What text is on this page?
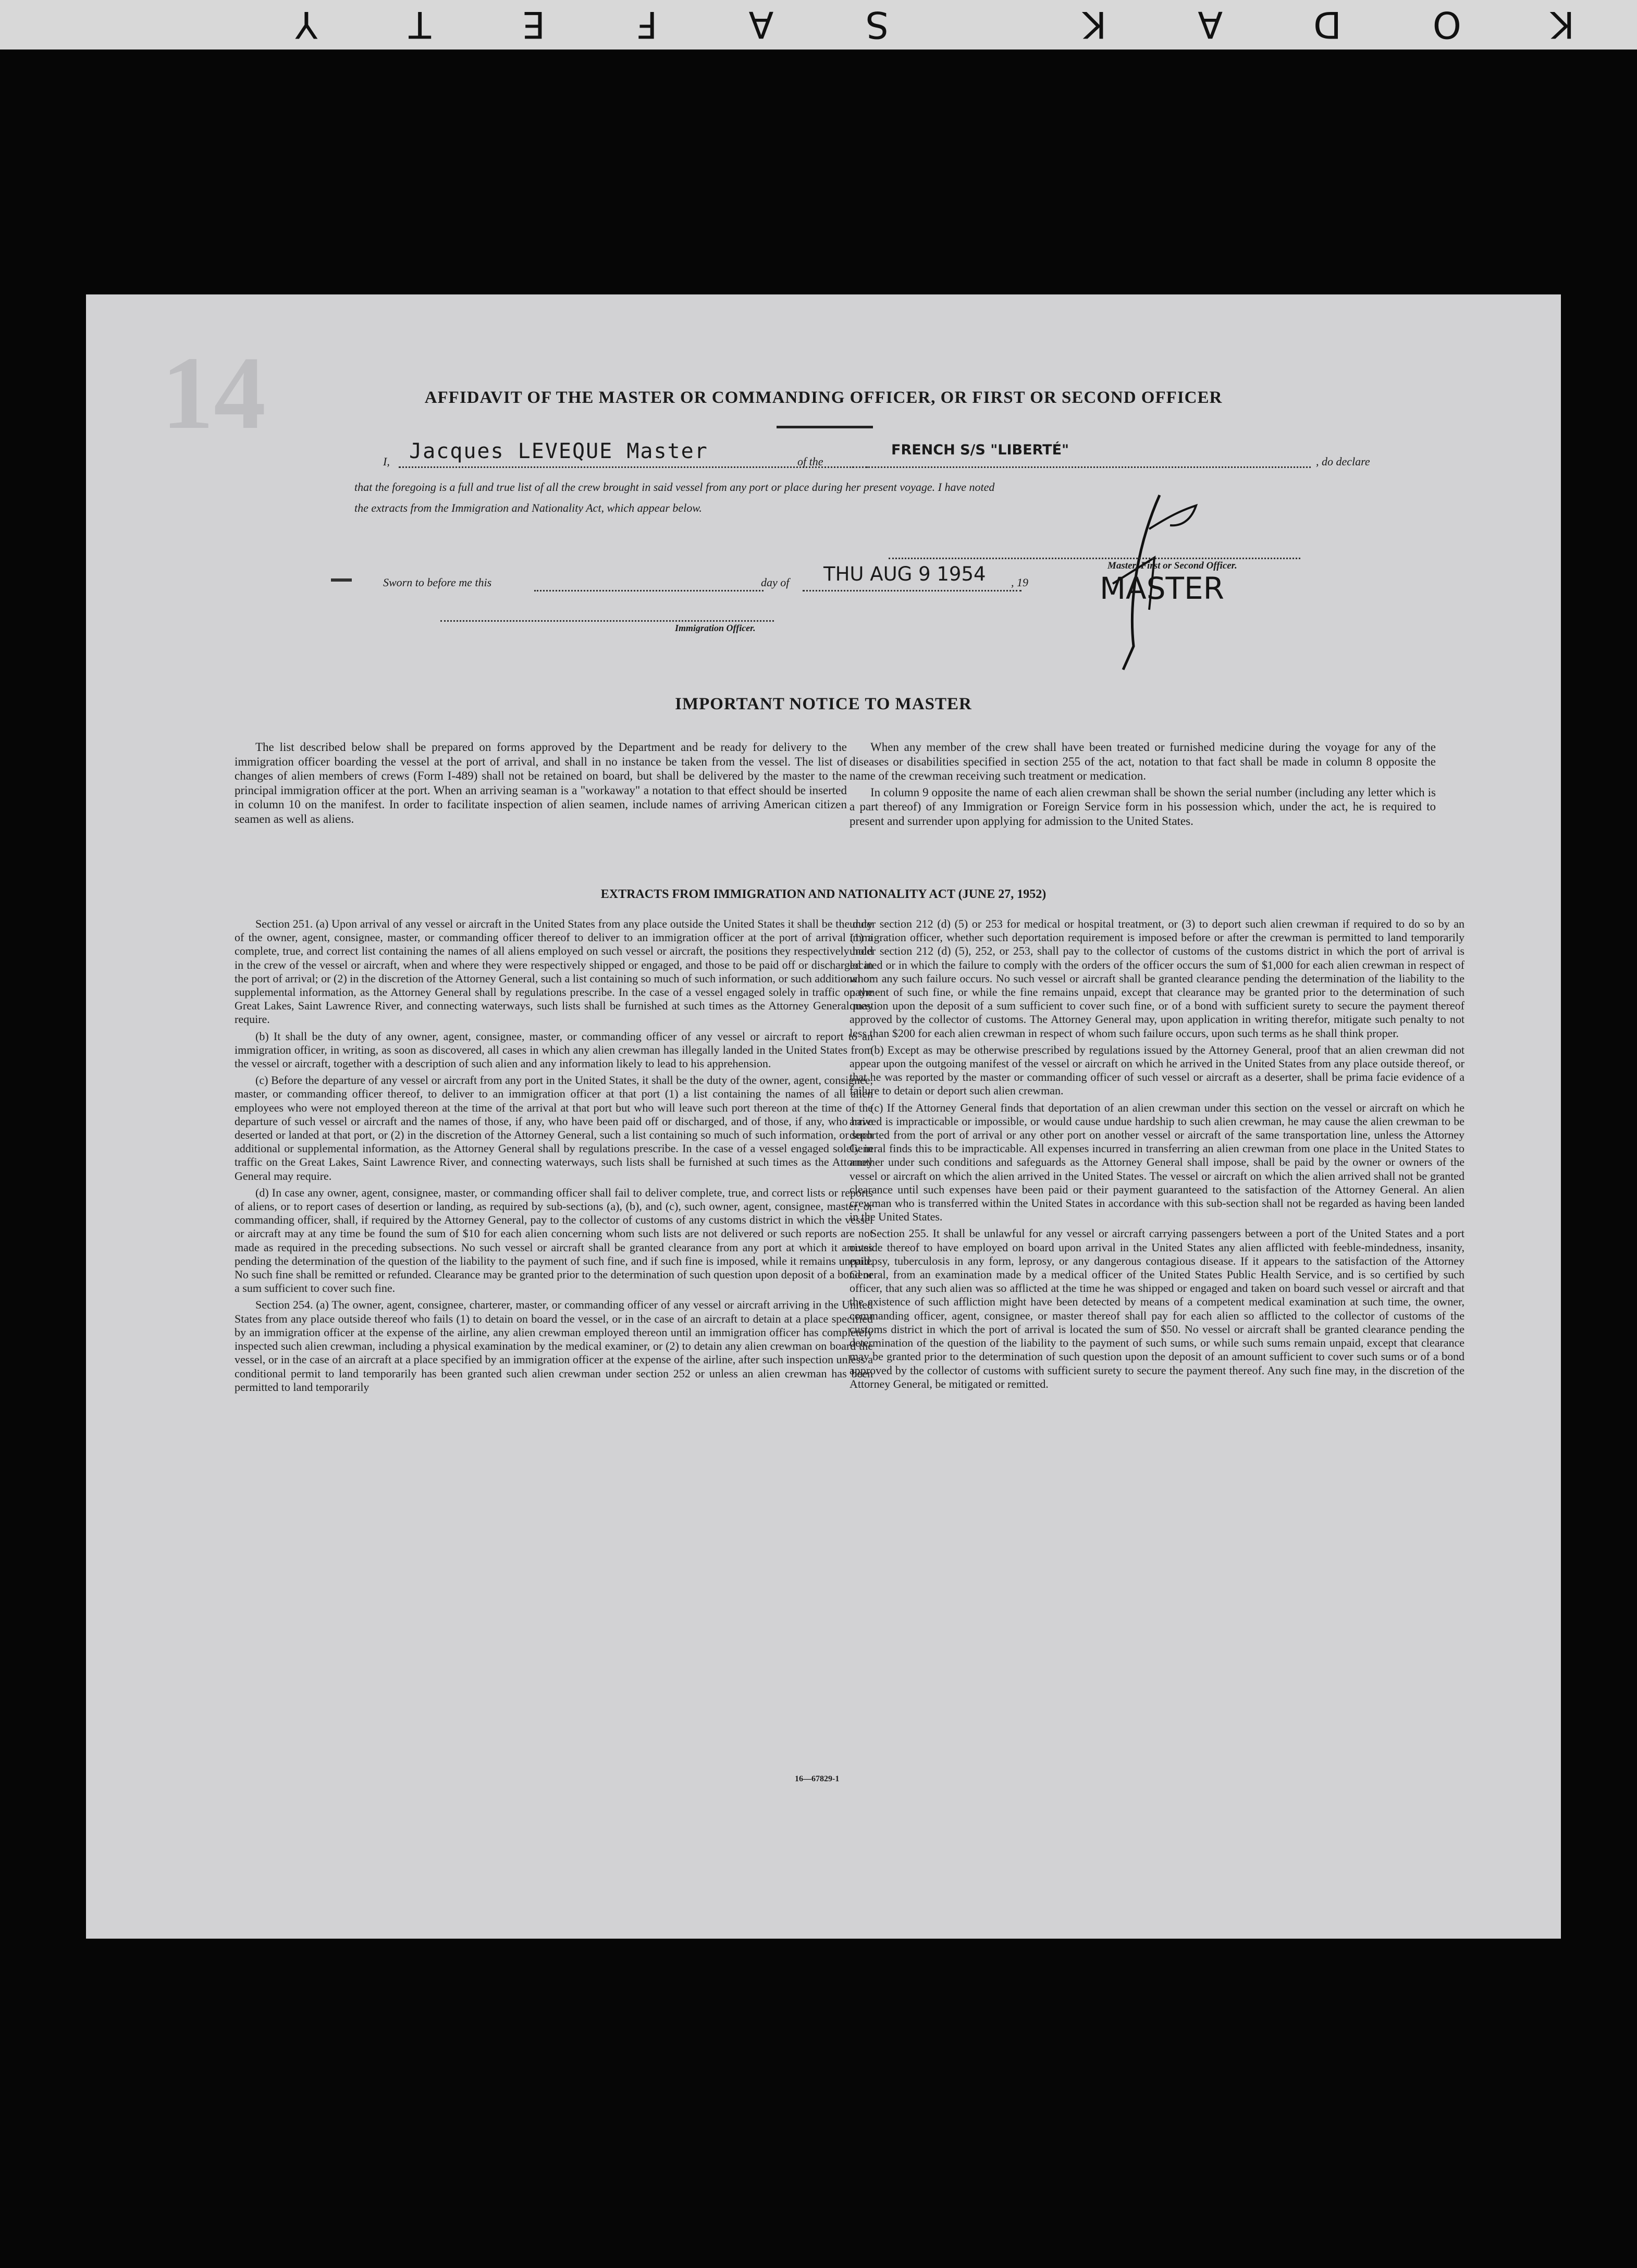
KODAK SAFETY
14	AFFIDAVIT OF THE MASTER OR COMMANDING OFFICER, OR FIRST OR SECOND OFFICER
I, Jacques LEVEQUE Master	of the
FRENCH S/S "LIBERTÉ"
, do declare
that the foregoing is a full and true list of all the crew brought in said vessel from any port or place during her present voyage. I have noted
the extracts from the Immigration and Nationality Act, which appear below.
Master, First or Second Officer.
Sworn to before me this	day of THU AUG 9 1954 , 19 MASTER
Immigration Officer.
IMPORTANT NOTICE TO MASTER

The list described below shall be prepared on forms approved by the Department and be ready for delivery to the immigration officer boarding the vessel at the port of arrival, and shall in no instance be taken from the vessel. The list of changes of alien members of crews (Form I-489) shall not be retained on board, but shall be delivered by the master to the principal immigration officer at the port. When an arriving seaman is a "workaway" a notation to that effect should be inserted in column 10 on the manifest. In order to facilitate inspection of alien seamen, include names of arriving American citizen seamen as well as aliens.

When any member of the crew shall have been treated or furnished medicine during the voyage for any of the diseases or disabilities specified in section 255 of the act, notation to that fact shall be made in column 8 opposite the name of the crewman receiving such treatment or medication.

In column 9 opposite the name of each alien crewman shall be shown the serial number (including any letter which is a part thereof) of any Immigration or Foreign Service form in his possession which, under the act, he is required to present and surrender upon applying for admission to the United States.

EXTRACTS FROM IMMIGRATION AND NATIONALITY ACT (JUNE 27, 1952)

Section 251. (a) Upon arrival of any vessel or aircraft in the United States from any place outside the United States it shall be the duty of the owner, agent, consignee, master, or commanding officer thereof to deliver to an immigration officer at the port of arrival (1) a complete, true, and correct list containing the names of all aliens employed on such vessel or aircraft, the positions they respectively hold in the crew of the vessel or aircraft, when and where they were respectively shipped or engaged, and those to be paid off or discharged in the port of arrival; or (2) in the discretion of the Attorney General, such a list containing so much of such information, or such additional or supplemental information, as the Attorney General shall by regulations prescribe. In the case of a vessel engaged solely in traffic on the Great Lakes, Saint Lawrence River, and connecting waterways, such lists shall be furnished at such times as the Attorney General may require.

(b) It shall be the duty of any owner, agent, consignee, master, or commanding officer of any vessel or aircraft to report to an immigration officer, in writing, as soon as discovered, all cases in which any alien crewman has illegally landed in the United States from the vessel or aircraft, together with a description of such alien and any information likely to lead to his apprehension.

(c) Before the departure of any vessel or aircraft from any port in the United States, it shall be the duty of the owner, agent, consignee, master, or commanding officer thereof, to deliver to an immigration officer at that port (1) a list containing the names of all alien employees who were not employed thereon at the time of the arrival at that port but who will leave such port thereon at the time of the departure of such vessel or aircraft and the names of those, if any, who have been paid off or discharged, and of those, if any, who have deserted or landed at that port, or (2) in the discretion of the Attorney General, such a list containing so much of such information, or such additional or supplemental information, as the Attorney General shall by regulations prescribe. In the case of a vessel engaged solely in traffic on the Great Lakes, Saint Lawrence River, and connecting waterways, such lists shall be furnished at such times as the Attorney General may require.

(d) In case any owner, agent, consignee, master, or commanding officer shall fail to deliver complete, true, and correct lists or reports of aliens, or to report cases of desertion or landing, as required by sub-sections (a), (b), and (c), such owner, agent, consignee, master, or commanding officer, shall, if required by the Attorney General, pay to the collector of customs of any customs district in which the vessel or aircraft may at any time be found the sum of $10 for each alien concerning whom such lists are not delivered or such reports are not made as required in the preceding subsections. No such vessel or aircraft shall be granted clearance from any port at which it arrives pending the determination of the question of the liability to the payment of such fine, and if such fine is imposed, while it remains unpaid. No such fine shall be remitted or refunded. Clearance may be granted prior to the determination of such question upon deposit of a bond or a sum sufficient to cover such fine.

Section 254. (a) The owner, agent, consignee, charterer, master, or commanding officer of any vessel or aircraft arriving in the United States from any place outside thereof who fails (1) to detain on board the vessel, or in the case of an aircraft to detain at a place specified by an immigration officer at the expense of the airline, any alien crewman employed thereon until an immigration officer has completely inspected such alien crewman, including a physical examination by the medical examiner, or (2) to detain any alien crewman on board the vessel, or in the case of an aircraft at a place specified by an immigration officer at the expense of the airline, after such inspection unless a conditional permit to land temporarily has been granted such alien crewman under section 252 or unless an alien crewman has been permitted to land temporarily

under section 212 (d) (5) or 253 for medical or hospital treatment, or (3) to deport such alien crewman if required to do so by an immigration officer, whether such deportation requirement is imposed before or after the crewman is permitted to land temporarily under section 212 (d) (5), 252, or 253, shall pay to the collector of customs of the customs district in which the port of arrival is located or in which the failure to comply with the orders of the officer occurs the sum of $1,000 for each alien crewman in respect of whom any such failure occurs. No such vessel or aircraft shall be granted clearance pending the determination of the liability to the payment of such fine, or while the fine remains unpaid, except that clearance may be granted prior to the determination of such question upon the deposit of a sum sufficient to cover such fine, or of a bond with sufficient surety to secure the payment thereof approved by the collector of customs. The Attorney General may, upon application in writing therefor, mitigate such penalty to not less than $200 for each alien crewman in respect of whom such failure occurs, upon such terms as he shall think proper.

(b) Except as may be otherwise prescribed by regulations issued by the Attorney General, proof that an alien crewman did not appear upon the outgoing manifest of the vessel or aircraft on which he arrived in the United States from any place outside thereof, or that he was reported by the master or commanding officer of such vessel or aircraft as a deserter, shall be prima facie evidence of a failure to detain or deport such alien crewman.

(c) If the Attorney General finds that deportation of an alien crewman under this section on the vessel or aircraft on which he arrived is impracticable or impossible, or would cause undue hardship to such alien crewman, he may cause the alien crewman to be deported from the port of arrival or any other port on another vessel or aircraft of the same transportation line, unless the Attorney General finds this to be impracticable. All expenses incurred in transferring an alien crewman from one place in the United States to another under such conditions and safeguards as the Attorney General shall impose, shall be paid by the owner or owners of the vessel or aircraft on which the alien arrived in the United States. The vessel or aircraft on which the alien arrived shall not be granted clearance until such expenses have been paid or their payment guaranteed to the satisfaction of the Attorney General. An alien crewman who is transferred within the United States in accordance with this sub-section shall not be regarded as having been landed in the United States.

Section 255. It shall be unlawful for any vessel or aircraft carrying passengers between a port of the United States and a port outside thereof to have employed on board upon arrival in the United States any alien afflicted with feeble-mindedness, insanity, epilepsy, tuberculosis in any form, leprosy, or any dangerous contagious disease. If it appears to the satisfaction of the Attorney General, from an examination made by a medical officer of the United States Public Health Service, and is so certified by such officer, that any such alien was so afflicted at the time he was shipped or engaged and taken on board such vessel or aircraft and that the existence of such affliction might have been detected by means of a competent medical examination at such time, the owner, commanding officer, agent, consignee, or master thereof shall pay for each alien so afflicted to the collector of customs of the customs district in which the port of arrival is located the sum of $50. No vessel or aircraft shall be granted clearance pending the determination of the question of the liability to the payment of such sums, or while such sums remain unpaid, except that clearance may be granted prior to the determination of such question upon the deposit of an amount sufficient to cover such sums or of a bond approved by the collector of customs with sufficient surety to secure the payment thereof. Any such fine may, in the discretion of the Attorney General, be mitigated or remitted.

16—67829-1
